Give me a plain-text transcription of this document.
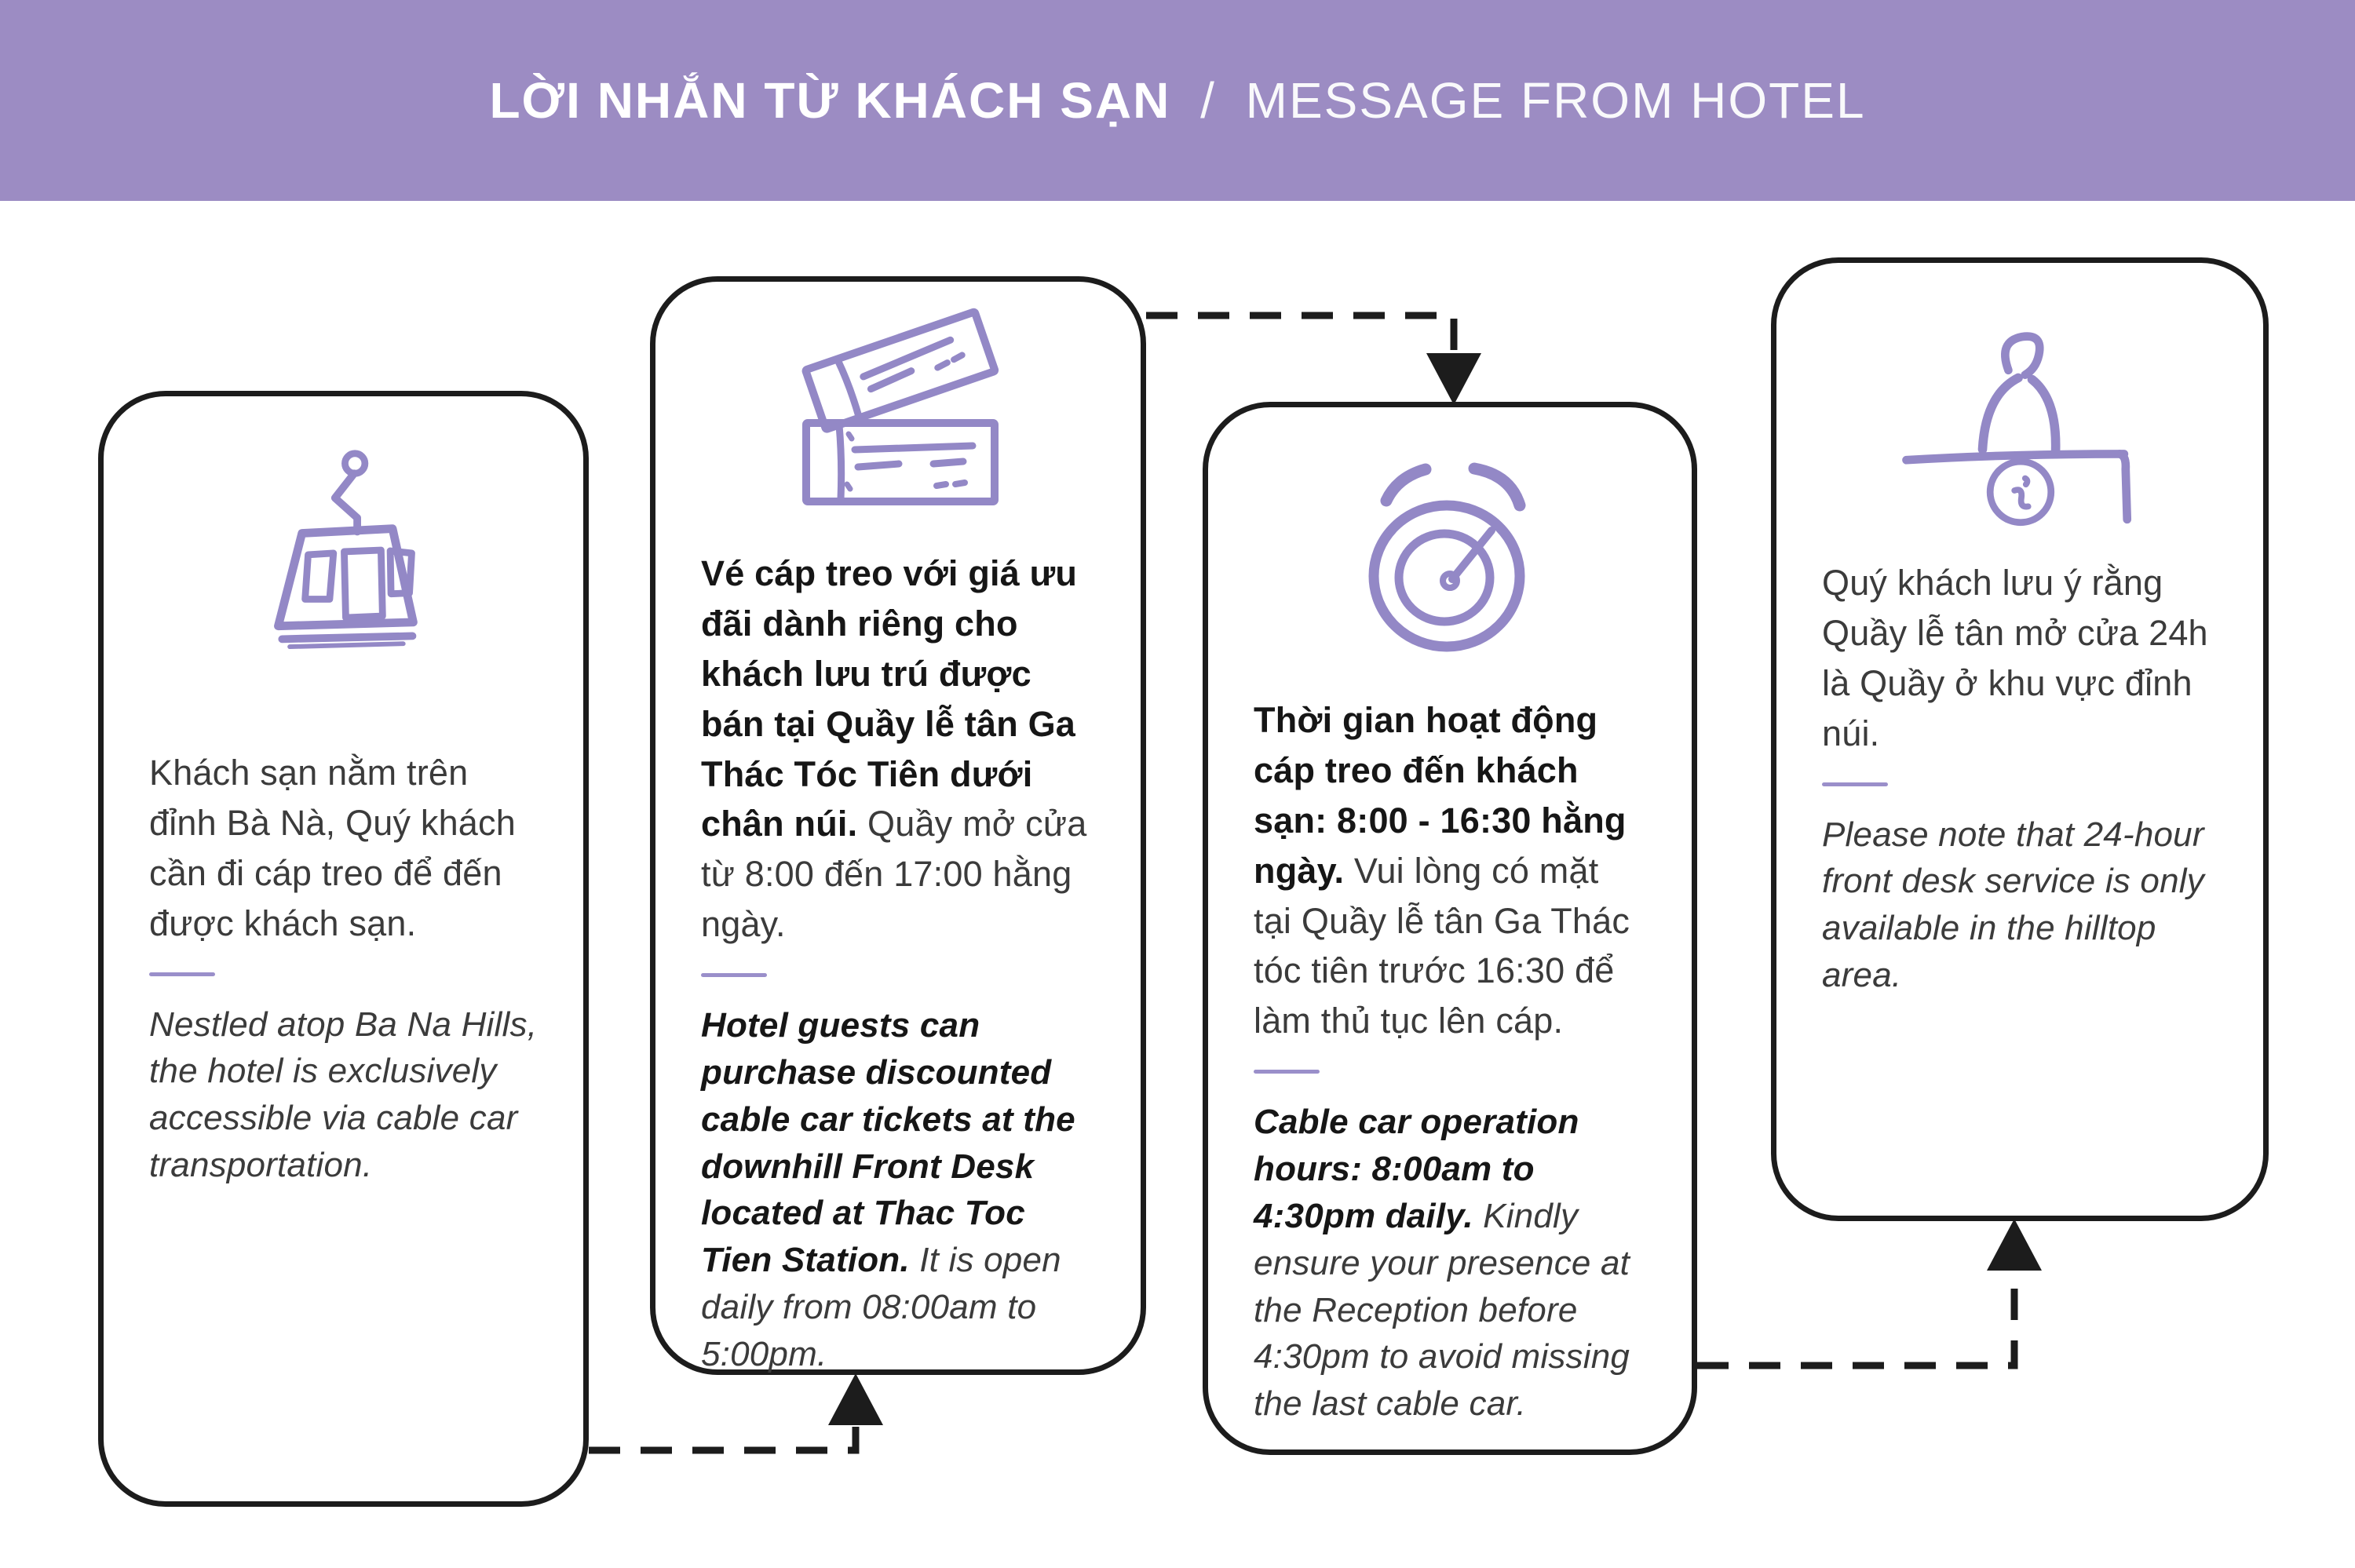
LỜI NHẮN TỪ KHÁCH SẠN / MESSAGE FROM HOTEL
Khách sạn nằm trên đỉnh Bà Nà, Quý khách cần đi cáp treo để đến được khách sạn.
Nestled atop Ba Na Hills, the hotel is exclusively accessible via cable car transportation.
Vé cáp treo với giá ưu đãi dành riêng cho khách lưu trú được bán tại Quầy lễ tân Ga Thác Tóc Tiên dưới chân núi. Quầy mở cửa từ 8:00 đến 17:00 hằng ngày.
Hotel guests can purchase discounted cable car tickets at the downhill Front Desk located at Thac Toc Tien Station. It is open daily from 08:00am to 5:00pm.
Thời gian hoạt động cáp treo đến khách sạn: 8:00 - 16:30 hằng ngày. Vui lòng có mặt tại Quầy lễ tân Ga Thác tóc tiên trước 16:30 để làm thủ tục lên cáp.
Cable car operation hours: 8:00am to 4:30pm daily. Kindly ensure your presence at the Reception before 4:30pm to avoid missing the last cable car.
Quý khách lưu ý rằng Quầy lễ tân mở cửa 24h là Quầy ở khu vực đỉnh núi.
Please note that 24-hour front desk service is only available in the hilltop area.
